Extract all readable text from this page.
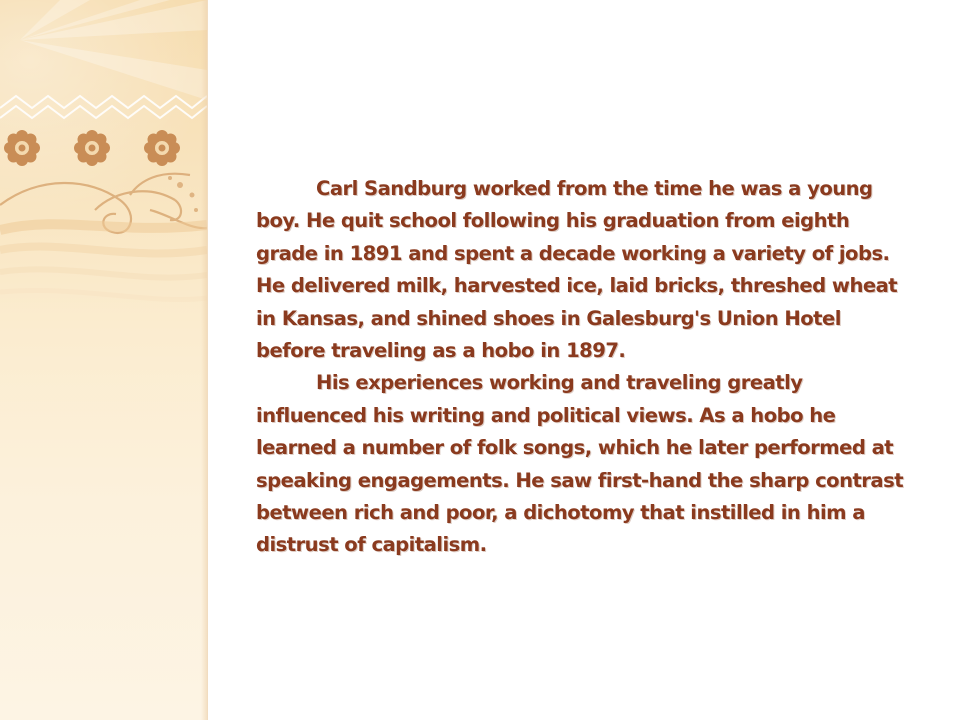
Carl Sandburg worked from the time he was a young boy. He quit school following his graduation from eighth grade in 1891 and spent a decade working a variety of jobs. He delivered milk, harvested ice, laid bricks, threshed wheat in Kansas, and shined shoes in Galesburg's Union Hotel before traveling as a hobo in 1897.

His experiences working and traveling greatly influenced his writing and political views. As a hobo he learned a number of folk songs, which he later performed at speaking engagements. He saw first-hand the sharp contrast between rich and poor, a dichotomy that instilled in him a distrust of capitalism.
